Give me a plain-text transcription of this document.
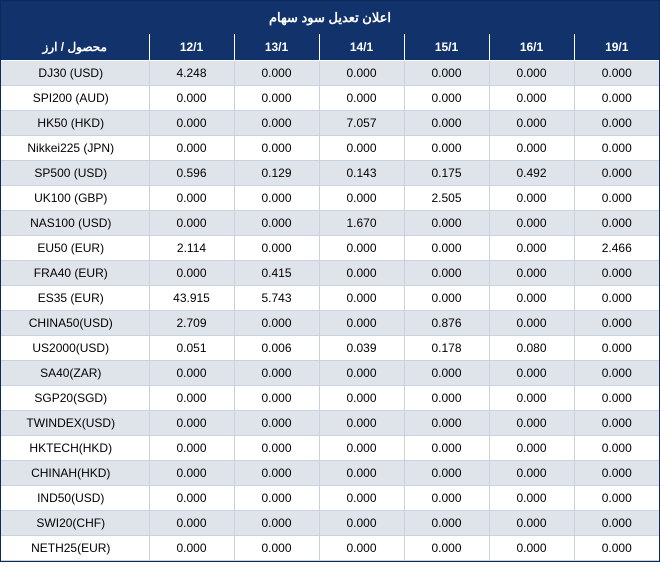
اعلان تعدیل سود سهام
محصول / ارز	12/1	13/1	14/1	15/1	16/1	19/1
DJ30 (USD)	4.248	0.000	0.000	0.000	0.000	0.000
SPI200 (AUD)	0.000	0.000	0.000	0.000	0.000	0.000
HK50 (HKD)	0.000	0.000	7.057	0.000	0.000	0.000
Nikkei225 (JPN)	0.000	0.000	0.000	0.000	0.000	0.000
SP500 (USD)	0.596	0.129	0.143	0.175	0.492	0.000
UK100 (GBP)	0.000	0.000	0.000	2.505	0.000	0.000
NAS100 (USD)	0.000	0.000	1.670	0.000	0.000	0.000
EU50 (EUR)	2.114	0.000	0.000	0.000	0.000	2.466
FRA40 (EUR)	0.000	0.415	0.000	0.000	0.000	0.000
ES35 (EUR)	43.915	5.743	0.000	0.000	0.000	0.000
CHINA50(USD)	2.709	0.000	0.000	0.876	0.000	0.000
US2000(USD)	0.051	0.006	0.039	0.178	0.080	0.000
SA40(ZAR)	0.000	0.000	0.000	0.000	0.000	0.000
SGP20(SGD)	0.000	0.000	0.000	0.000	0.000	0.000
TWINDEX(USD)	0.000	0.000	0.000	0.000	0.000	0.000
HKTECH(HKD)	0.000	0.000	0.000	0.000	0.000	0.000
CHINAH(HKD)	0.000	0.000	0.000	0.000	0.000	0.000
IND50(USD)	0.000	0.000	0.000	0.000	0.000	0.000
SWI20(CHF)	0.000	0.000	0.000	0.000	0.000	0.000
NETH25(EUR)	0.000	0.000	0.000	0.000	0.000	0.000
